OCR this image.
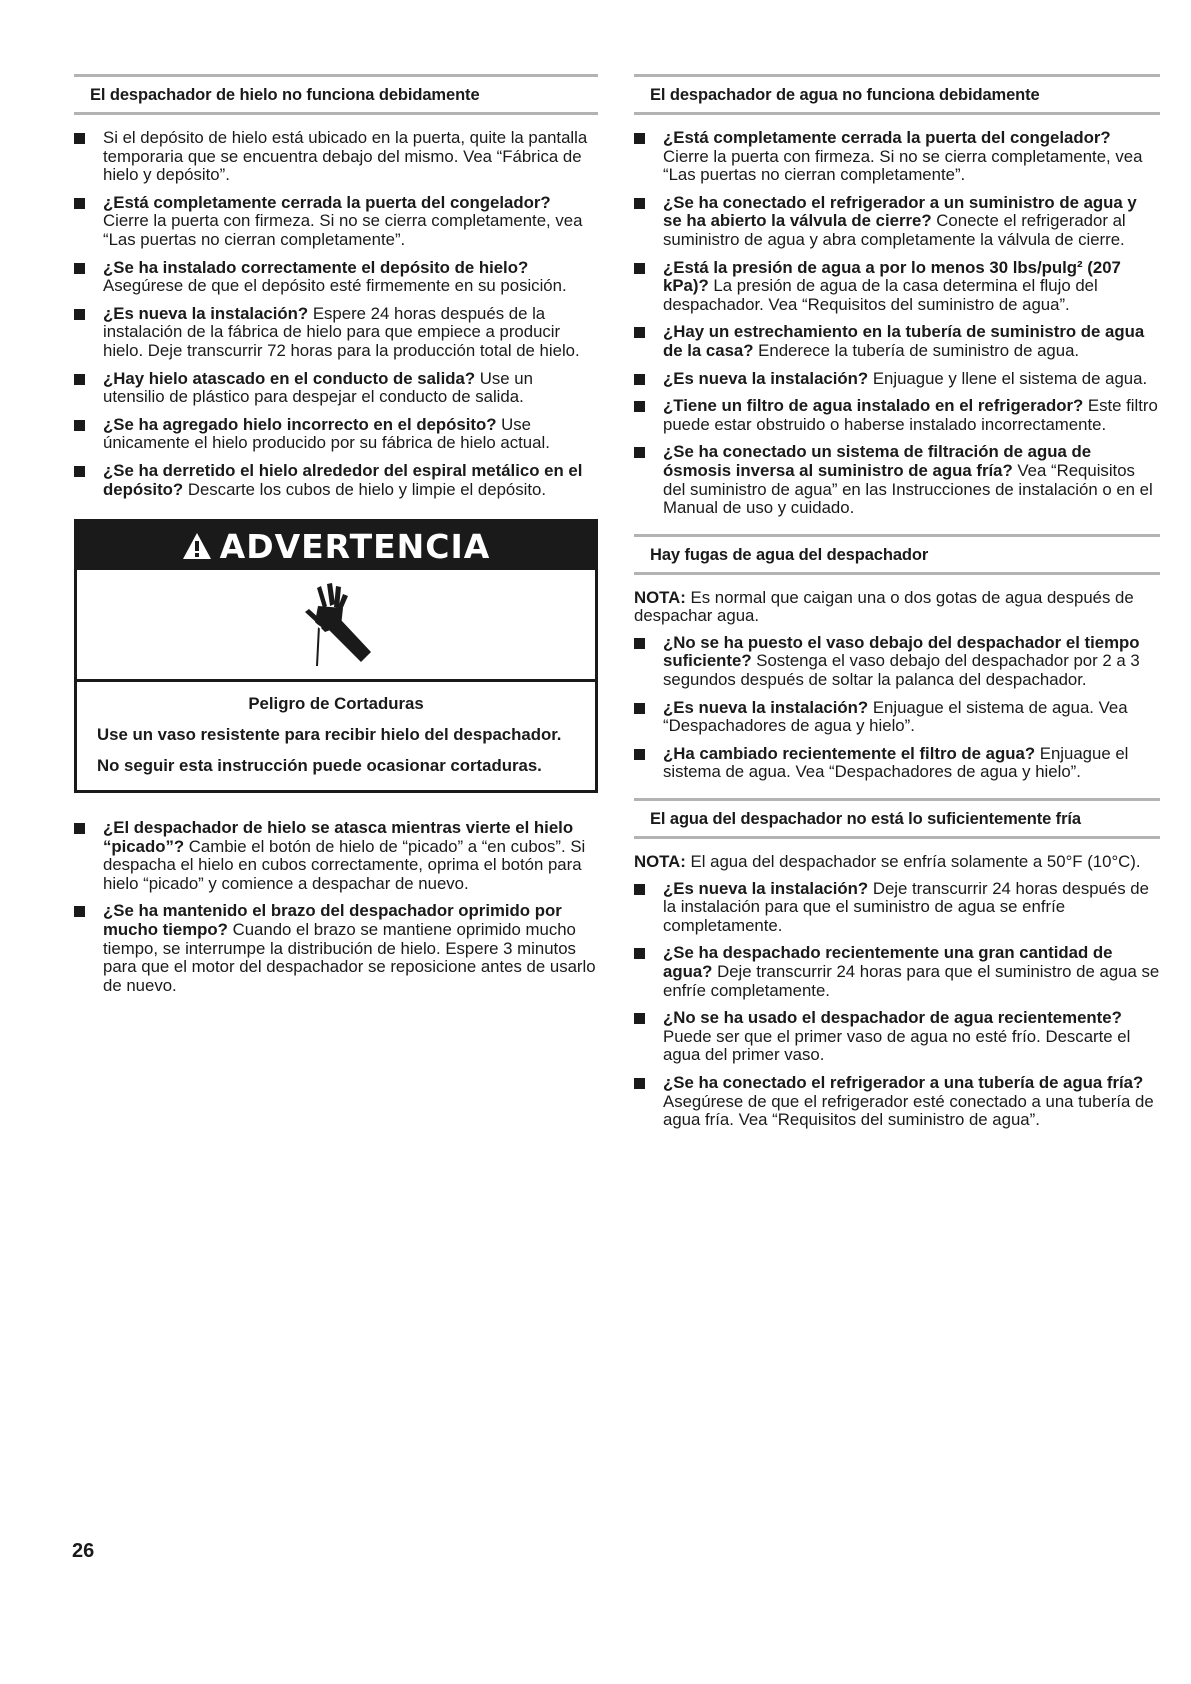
El despachador de hielo no funciona debidamente
Si el depósito de hielo está ubicado en la puerta, quite la pantalla temporaria que se encuentra debajo del mismo. Vea “Fábrica de hielo y depósito”.
¿Está completamente cerrada la puerta del congelador? Cierre la puerta con firmeza. Si no se cierra completamente, vea “Las puertas no cierran completamente”.
¿Se ha instalado correctamente el depósito de hielo? Asegúrese de que el depósito esté firmemente en su posición.
¿Es nueva la instalación? Espere 24 horas después de la instalación de la fábrica de hielo para que empiece a producir hielo. Deje transcurrir 72 horas para la producción total de hielo.
¿Hay hielo atascado en el conducto de salida? Use un utensilio de plástico para despejar el conducto de salida.
¿Se ha agregado hielo incorrecto en el depósito? Use únicamente el hielo producido por su fábrica de hielo actual.
¿Se ha derretido el hielo alrededor del espiral metálico en el depósito? Descarte los cubos de hielo y limpie el depósito.
ADVERTENCIA
Peligro de Cortaduras

Use un vaso resistente para recibir hielo del despachador.

No seguir esta instrucción puede ocasionar cortaduras.

¿El despachador de hielo se atasca mientras vierte el hielo “picado”? Cambie el botón de hielo de “picado” a “en cubos”. Si despacha el hielo en cubos correctamente, oprima el botón para hielo “picado” y comience a despachar de nuevo.
¿Se ha mantenido el brazo del despachador oprimido por mucho tiempo? Cuando el brazo se mantiene oprimido mucho tiempo, se interrumpe la distribución de hielo. Espere 3 minutos para que el motor del despachador se reposicione antes de usarlo de nuevo.
El despachador de agua no funciona debidamente
¿Está completamente cerrada la puerta del congelador? Cierre la puerta con firmeza. Si no se cierra completamente, vea “Las puertas no cierran completamente”.
¿Se ha conectado el refrigerador a un suministro de agua y se ha abierto la válvula de cierre? Conecte el refrigerador al suministro de agua y abra completamente la válvula de cierre.
¿Está la presión de agua a por lo menos 30 lbs/pulg² (207 kPa)? La presión de agua de la casa determina el flujo del despachador. Vea “Requisitos del suministro de agua”.
¿Hay un estrechamiento en la tubería de suministro de agua de la casa? Enderece la tubería de suministro de agua.
¿Es nueva la instalación? Enjuague y llene el sistema de agua.
¿Tiene un filtro de agua instalado en el refrigerador? Este filtro puede estar obstruido o haberse instalado incorrectamente.
¿Se ha conectado un sistema de filtración de agua de ósmosis inversa al suministro de agua fría? Vea “Requisitos del suministro de agua” en las Instrucciones de instalación o en el Manual de uso y cuidado.
Hay fugas de agua del despachador

NOTA: Es normal que caigan una o dos gotas de agua después de despachar agua.

¿No se ha puesto el vaso debajo del despachador el tiempo suficiente? Sostenga el vaso debajo del despachador por 2 a 3 segundos después de soltar la palanca del despachador.
¿Es nueva la instalación? Enjuague el sistema de agua. Vea “Despachadores de agua y hielo”.
¿Ha cambiado recientemente el filtro de agua? Enjuague el sistema de agua. Vea “Despachadores de agua y hielo”.
El agua del despachador no está lo suficientemente fría

NOTA: El agua del despachador se enfría solamente a 50°F (10°C).

¿Es nueva la instalación? Deje transcurrir 24 horas después de la instalación para que el suministro de agua se enfríe completamente.
¿Se ha despachado recientemente una gran cantidad de agua? Deje transcurrir 24 horas para que el suministro de agua se enfríe completamente.
¿No se ha usado el despachador de agua recientemente? Puede ser que el primer vaso de agua no esté frío. Descarte el agua del primer vaso.
¿Se ha conectado el refrigerador a una tubería de agua fría? Asegúrese de que el refrigerador esté conectado a una tubería de agua fría. Vea “Requisitos del suministro de agua”.
26
